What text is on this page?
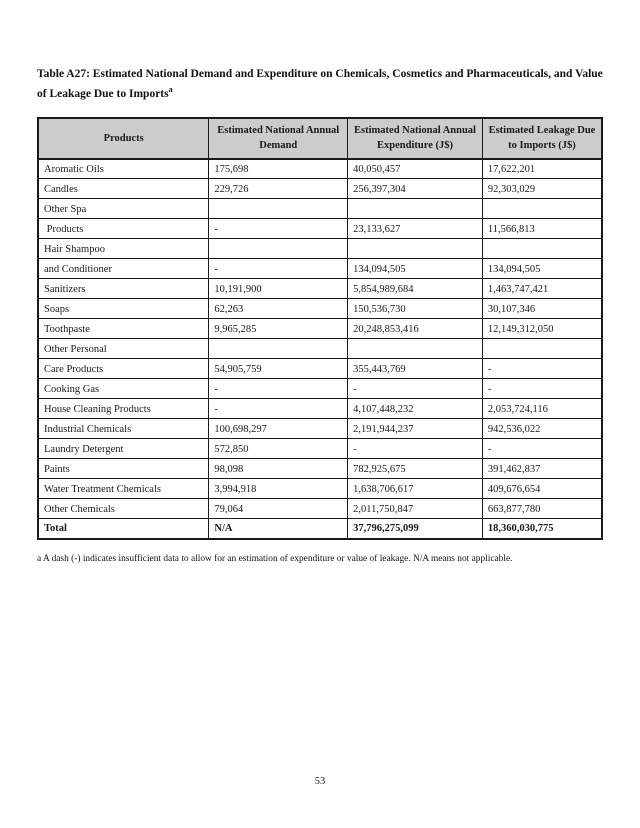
Table A27: Estimated National Demand and Expenditure on Chemicals, Cosmetics and Pharmaceuticals, and Value of Leakage Due to Imports$^a$

Products	Estimated National Annual Demand	Estimated National Annual Expenditure (J$)	Estimated Leakage Due to Imports (J$)
Aromatic Oils	175,698	40,050,457	17,622,201
Candles	229,726	256,397,304	92,303,029
Other Spa			
Products	-	23,133,627	11,566,813
Hair Shampoo			
and Conditioner	-	134,094,505	134,094,505
Sanitizers	10,191,900	5,854,989,684	1,463,747,421
Soaps	62,263	150,536,730	30,107,346
Toothpaste	9,965,285	20,248,853,416	12,149,312,050
Other Personal			
Care Products	54,905,759	355,443,769	-
Cooking Gas	-	-	-
House Cleaning Products	-	4,107,448,232	2,053,724,116
Industrial Chemicals	100,698,297	2,191,944,237	942,536,022
Laundry Detergent	572,850	-	-
Paints	98,098	782,925,675	391,462,837
Water Treatment Chemicals	3,994,918	1,638,706,617	409,676,654
Other Chemicals	79,064	2,011,750,847	663,877,780
Total	N/A	37,796,275,099	18,360,030,775

a A dash (-) indicates insufficient data to allow for an estimation of expenditure or value of leakage. N/A means not applicable.

53
